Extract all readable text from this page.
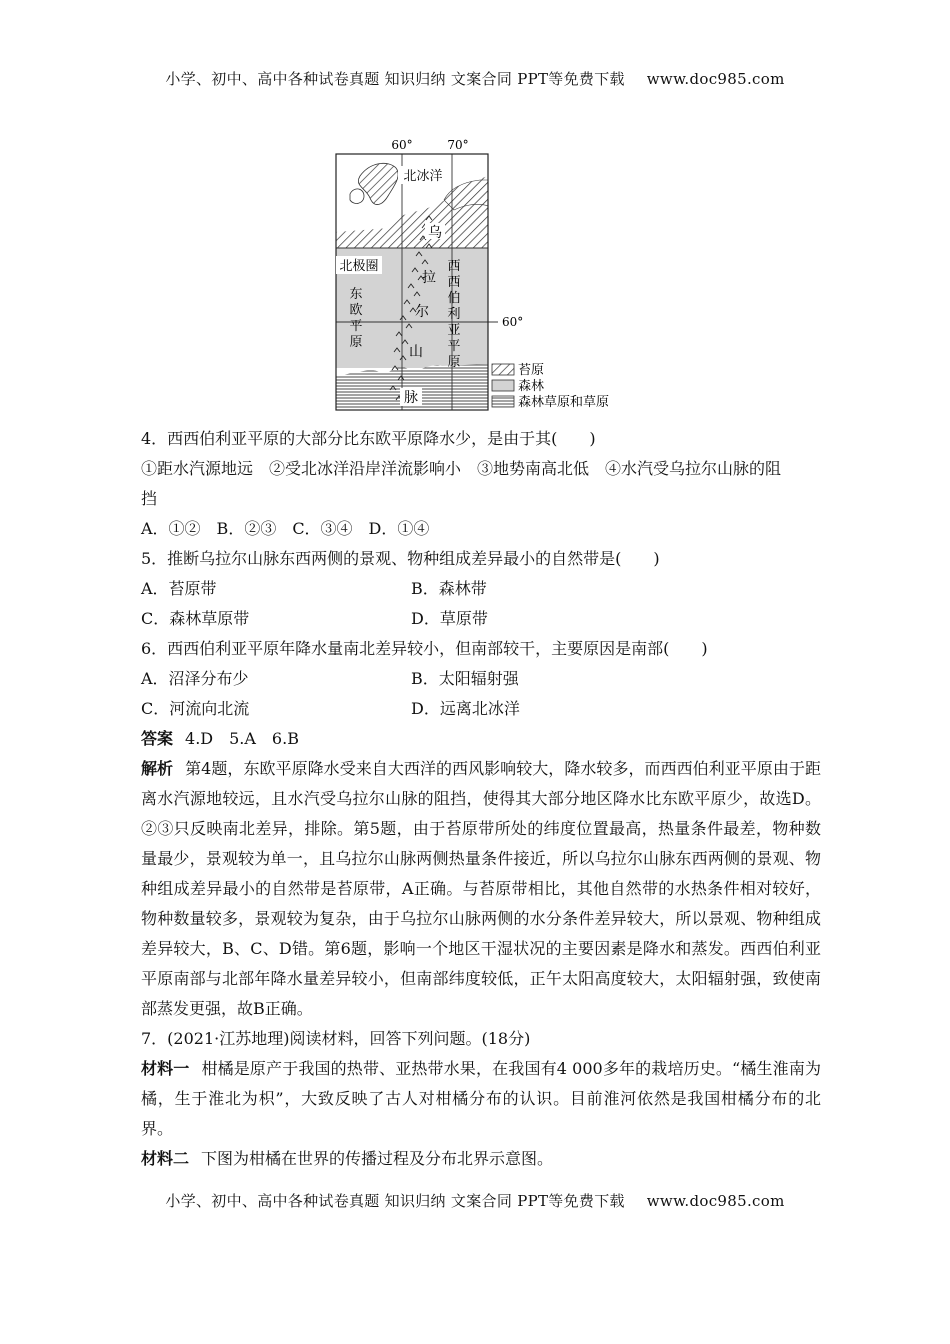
小学、初中、高中各种试卷真题 知识归纳 文案合同 PPT等免费下载 www.doc985.com
60°	70°
60°
北冰洋
北极圈
东
欧
平
原
西
西
伯
利
亚
平
原
乌
拉
尔
山
脉
苔原
森林
森林草原和草原

4．西西伯利亚平原的大部分比东欧平原降水少，是由于其(　　)

①距水汽源地远　②受北冰洋沿岸洋流影响小　③地势南高北低　④水汽受乌拉尔山脉的阻

挡

A．①②　B．②③　C．③④　D．①④

5．推断乌拉尔山脉东西两侧的景观、物种组成差异最小的自然带是(　　)

A．苔原带	B．森林带
C．森林草原带	D．草原带

6．西西伯利亚平原年降水量南北差异较小，但南部较干，主要原因是南部(　　)

A．沼泽分布少	B．太阳辐射强
C．河流向北流	D．远离北冰洋

答案 4.D　5.A　6.B

解析 第4题，东欧平原降水受来自大西洋的西风影响较大，降水较多，而西西伯利亚平原由于距离水汽源地较远，且水汽受乌拉尔山脉的阻挡，使得其大部分地区降水比东欧平原少，故选D。②③只反映南北差异，排除。第5题，由于苔原带所处的纬度位置最高，热量条件最差，物种数量最少，景观较为单一，且乌拉尔山脉两侧热量条件接近，所以乌拉尔山脉东西两侧的景观、物种组成差异最小的自然带是苔原带，A正确。与苔原带相比，其他自然带的水热条件相对较好，物种数量较多，景观较为复杂，由于乌拉尔山脉两侧的水分条件差异较大，所以景观、物种组成差异较大，B、C、D错。第6题，影响一个地区干湿状况的主要因素是降水和蒸发。西西伯利亚平原南部与北部年降水量差异较小，但南部纬度较低，正午太阳高度较大，太阳辐射强，致使南部蒸发更强，故B正确。

7．(2021·江苏地理)阅读材料，回答下列问题。(18分)

材料一 柑橘是原产于我国的热带、亚热带水果，在我国有4 000多年的栽培历史。“橘生淮南为橘，生于淮北为枳”，大致反映了古人对柑橘分布的认识。目前淮河依然是我国柑橘分布的北界。

材料二 下图为柑橘在世界的传播过程及分布北界示意图。

小学、初中、高中各种试卷真题 知识归纳 文案合同 PPT等免费下载 www.doc985.com
